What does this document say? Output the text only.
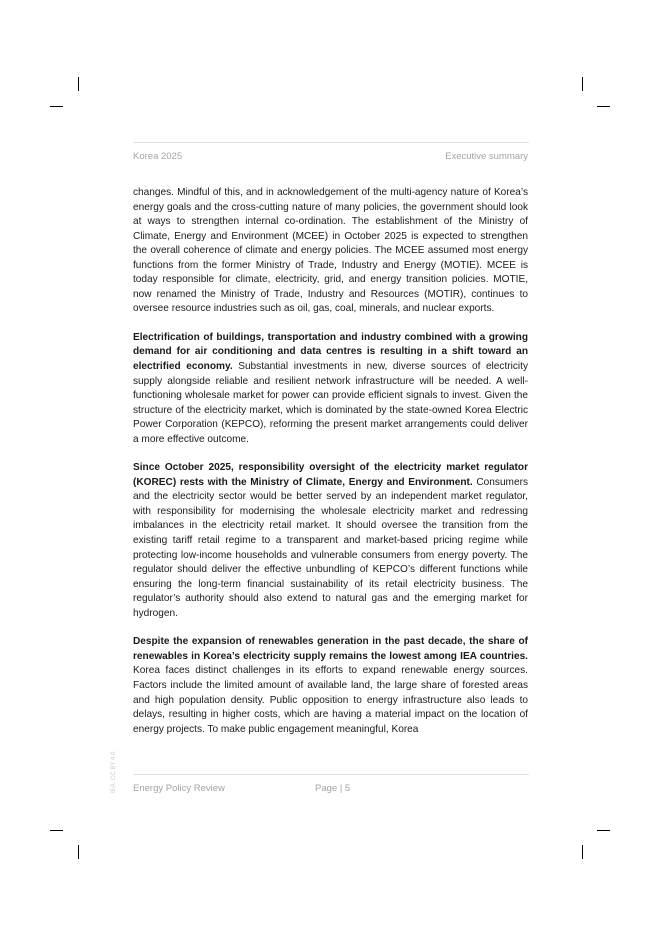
Korea 2025	Executive summary

changes. Mindful of this, and in acknowledgement of the multi-agency nature of Korea’s energy goals and the cross-cutting nature of many policies, the government should look at ways to strengthen internal co-ordination. The establishment of the Ministry of Climate, Energy and Environment (MCEE) in October 2025 is expected to strengthen the overall coherence of climate and energy policies. The MCEE assumed most energy functions from the former Ministry of Trade, Industry and Energy (MOTIE). MCEE is today responsible for climate, electricity, grid, and energy transition policies. MOTIE, now renamed the Ministry of Trade, Industry and Resources (MOTIR), continues to oversee resource industries such as oil, gas, coal, minerals, and nuclear exports.

Electrification of buildings, transportation and industry combined with a growing demand for air conditioning and data centres is resulting in a shift toward an electrified economy. Substantial investments in new, diverse sources of electricity supply alongside reliable and resilient network infrastructure will be needed. A well-functioning wholesale market for power can provide efficient signals to invest. Given the structure of the electricity market, which is dominated by the state-owned Korea Electric Power Corporation (KEPCO), reforming the present market arrangements could deliver a more effective outcome.

Since October 2025, responsibility oversight of the electricity market regulator (KOREC) rests with the Ministry of Climate, Energy and Environment. Consumers and the electricity sector would be better served by an independent market regulator, with responsibility for modernising the wholesale electricity market and redressing imbalances in the electricity retail market. It should oversee the transition from the existing tariff retail regime to a transparent and market-based pricing regime while protecting low-income households and vulnerable consumers from energy poverty. The regulator should deliver the effective unbundling of KEPCO’s different functions while ensuring the long-term financial sustainability of its retail electricity business. The regulator’s authority should also extend to natural gas and the emerging market for hydrogen.

Despite the expansion of renewables generation in the past decade, the share of renewables in Korea’s electricity supply remains the lowest among IEA countries. Korea faces distinct challenges in its efforts to expand renewable energy sources. Factors include the limited amount of available land, the large share of forested areas and high population density. Public opposition to energy infrastructure also leads to delays, resulting in higher costs, which are having a material impact on the location of energy projects. To make public engagement meaningful, Korea

Energy Policy Review	Page | 5
IEA. CC BY 4.0.
